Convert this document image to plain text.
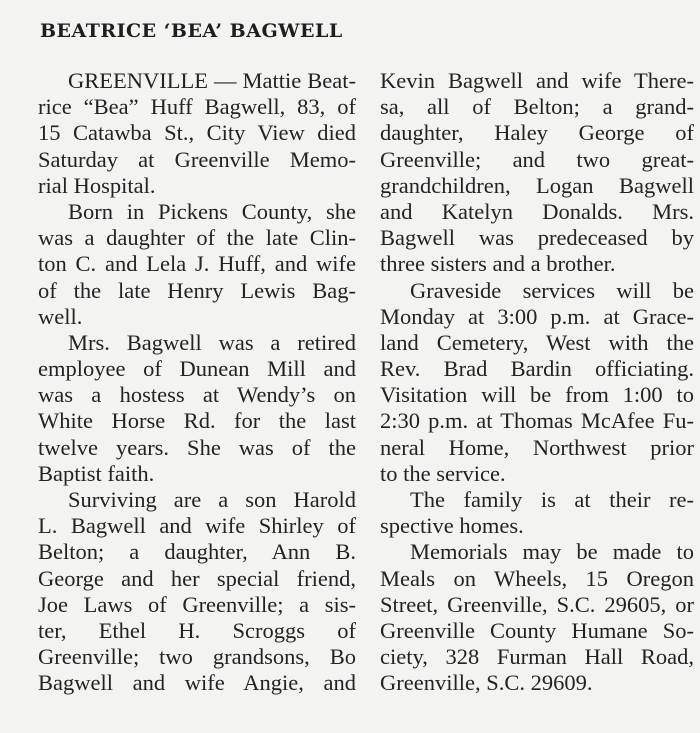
BEATRICE ‘BEA’ BAGWELL
GREENVILLE — Mattie Beat-
rice “Bea” Huff Bagwell, 83, of
15 Catawba St., City View died
Saturday at Greenville Memo-
rial Hospital.
Born in Pickens County, she
was a daughter of the late Clin-
ton C. and Lela J. Huff, and wife
of the late Henry Lewis Bag-
well.
Mrs. Bagwell was a retired
employee of Dunean Mill and
was a hostess at Wendy’s on
White Horse Rd. for the last
twelve years. She was of the
Baptist faith.
Surviving are a son Harold
L. Bagwell and wife Shirley of
Belton; a daughter, Ann B.
George and her special friend,
Joe Laws of Greenville; a sis-
ter, Ethel H. Scroggs of
Greenville; two grandsons, Bo
Bagwell and wife Angie, and
Kevin Bagwell and wife There-
sa, all of Belton; a grand-
daughter, Haley George of
Greenville; and two great-
grandchildren, Logan Bagwell
and Katelyn Donalds. Mrs.
Bagwell was predeceased by
three sisters and a brother.
Graveside services will be
Monday at 3:00 p.m. at Grace-
land Cemetery, West with the
Rev. Brad Bardin officiating.
Visitation will be from 1:00 to
2:30 p.m. at Thomas McAfee Fu-
neral Home, Northwest prior
to the service.
The family is at their re-
spective homes.
Memorials may be made to
Meals on Wheels, 15 Oregon
Street, Greenville, S.C. 29605, or
Greenville County Humane So-
ciety, 328 Furman Hall Road,
Greenville, S.C. 29609.
